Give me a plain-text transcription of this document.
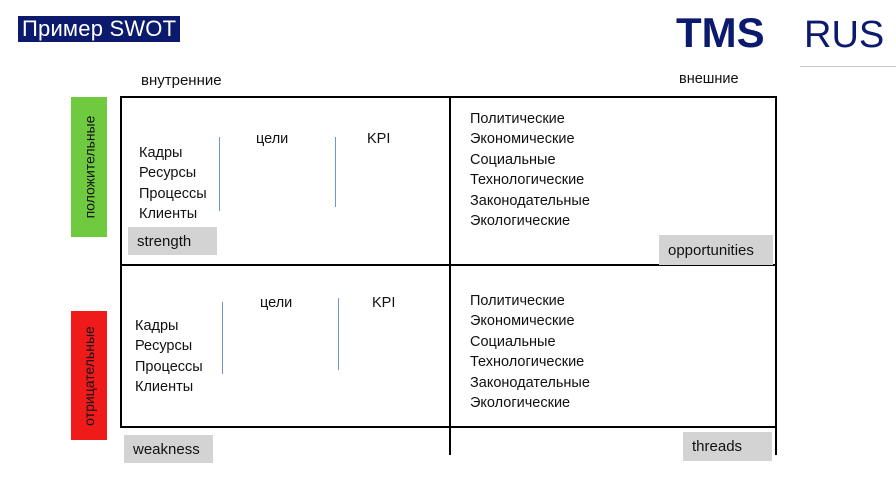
Пример SWOT	TMS RUS
внутренние	внешние
положительные
отрицательные
Кадры
Ресурсы
Процессы
Клиенты
цели	KPI
strength
Политические
Экономические
Социальные
Технологические
Законодательные
Экологические
opportunities
Кадры
Ресурсы
Процессы
Клиенты
цели	KPI
weakness
Политические
Экономические
Социальные
Технологические
Законодательные
Экологические
threads
